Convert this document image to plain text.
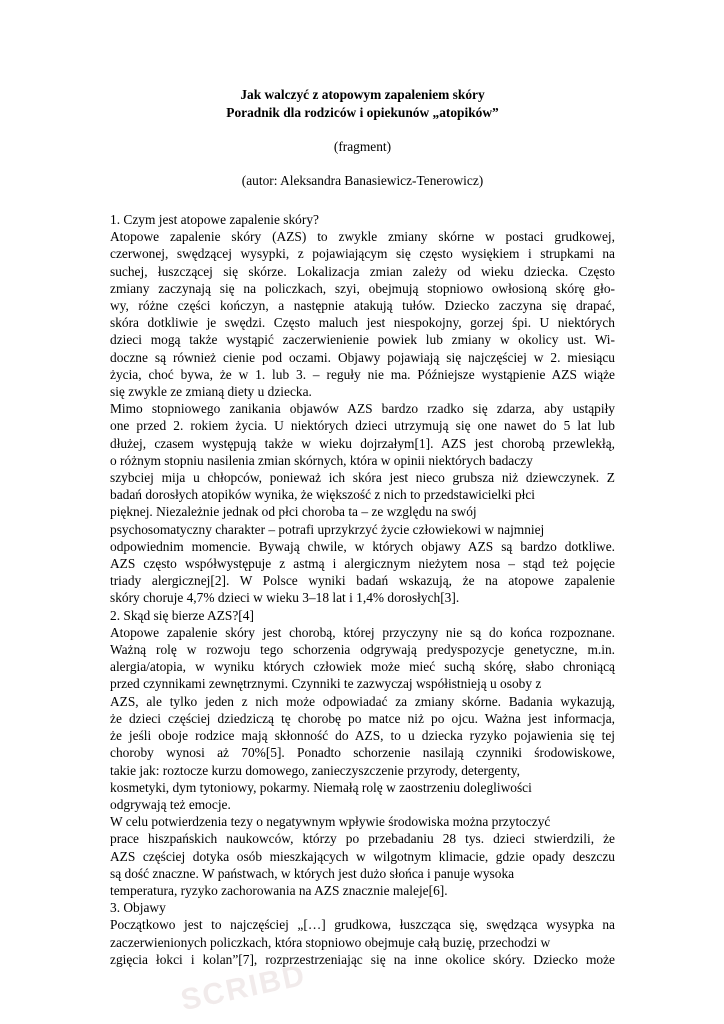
Jak walczyć z atopowym zapaleniem skóry

Poradnik dla rodziców i opiekunów „atopików”

(fragment)

(autor: Aleksandra Banasiewicz-Tenerowicz)

1. Czym jest atopowe zapalenie skóry?

Atopowe zapalenie skóry (AZS) to zwykle zmiany skórne w postaci grudkowej,

czerwonej, swędzącej wysypki, z pojawiającym się często wysiękiem i strupkami na

suchej, łuszczącej się skórze. Lokalizacja zmian zależy od wieku dziecka. Często

zmiany zaczynają się na policzkach, szyi, obejmują stopniowo owłosioną skórę gło-

wy, różne części kończyn, a następnie atakują tułów. Dziecko zaczyna się drapać,

skóra dotkliwie je swędzi. Często maluch jest niespokojny, gorzej śpi. U niektórych

dzieci mogą także wystąpić zaczerwienienie powiek lub zmiany w okolicy ust. Wi-

doczne są również cienie pod oczami. Objawy pojawiają się najczęściej w 2. miesiącu

życia, choć bywa, że w 1. lub 3. – reguły nie ma. Późniejsze wystąpienie AZS wiąże

się zwykle ze zmianą diety u dziecka.

Mimo stopniowego zanikania objawów AZS bardzo rzadko się zdarza, aby ustąpiły

one przed 2. rokiem życia. U niektórych dzieci utrzymują się one nawet do 5 lat lub

dłużej, czasem występują także w wieku dojrzałym[1]. AZS jest chorobą przewlekłą,

o różnym stopniu nasilenia zmian skórnych, która w opinii niektórych badaczy

szybciej mija u chłopców, ponieważ ich skóra jest nieco grubsza niż dziewczynek. Z

badań dorosłych atopików wynika, że większość z nich to przedstawicielki płci

pięknej. Niezależnie jednak od płci choroba ta – ze względu na swój

psychosomatyczny charakter – potrafi uprzykrzyć życie człowiekowi w najmniej

odpowiednim momencie. Bywają chwile, w których objawy AZS są bardzo dotkliwe.

AZS często współwystępuje z astmą i alergicznym nieżytem nosa – stąd też pojęcie

triady alergicznej[2]. W Polsce wyniki badań wskazują, że na atopowe zapalenie

skóry choruje 4,7% dzieci w wieku 3–18 lat i 1,4% dorosłych[3].

2. Skąd się bierze AZS?[4]

Atopowe zapalenie skóry jest chorobą, której przyczyny nie są do końca rozpoznane.

Ważną rolę w rozwoju tego schorzenia odgrywają predyspozycje genetyczne, m.in.

alergia/atopia, w wyniku których człowiek może mieć suchą skórę, słabo chroniącą

przed czynnikami zewnętrznymi. Czynniki te zazwyczaj współistnieją u osoby z

AZS, ale tylko jeden z nich może odpowiadać za zmiany skórne. Badania wykazują,

że dzieci częściej dziedziczą tę chorobę po matce niż po ojcu. Ważna jest informacja,

że jeśli oboje rodzice mają skłonność do AZS, to u dziecka ryzyko pojawienia się tej

choroby wynosi aż 70%[5]. Ponadto schorzenie nasilają czynniki środowiskowe,

takie jak: roztocze kurzu domowego, zanieczyszczenie przyrody, detergenty,

kosmetyki, dym tytoniowy, pokarmy. Niemałą rolę w zaostrzeniu dolegliwości

odgrywają też emocje.

W celu potwierdzenia tezy o negatywnym wpływie środowiska można przytoczyć

prace hiszpańskich naukowców, którzy po przebadaniu 28 tys. dzieci stwierdzili, że

AZS częściej dotyka osób mieszkających w wilgotnym klimacie, gdzie opady deszczu

są dość znaczne. W państwach, w których jest dużo słońca i panuje wysoka

temperatura, ryzyko zachorowania na AZS znacznie maleje[6].

3. Objawy

Początkowo jest to najczęściej „[…] grudkowa, łuszcząca się, swędząca wysypka na

zaczerwienionych policzkach, która stopniowo obejmuje całą buzię, przechodzi w

zgięcia łokci i kolan”[7], rozprzestrzeniając się na inne okolice skóry. Dziecko może

SCRIBD
